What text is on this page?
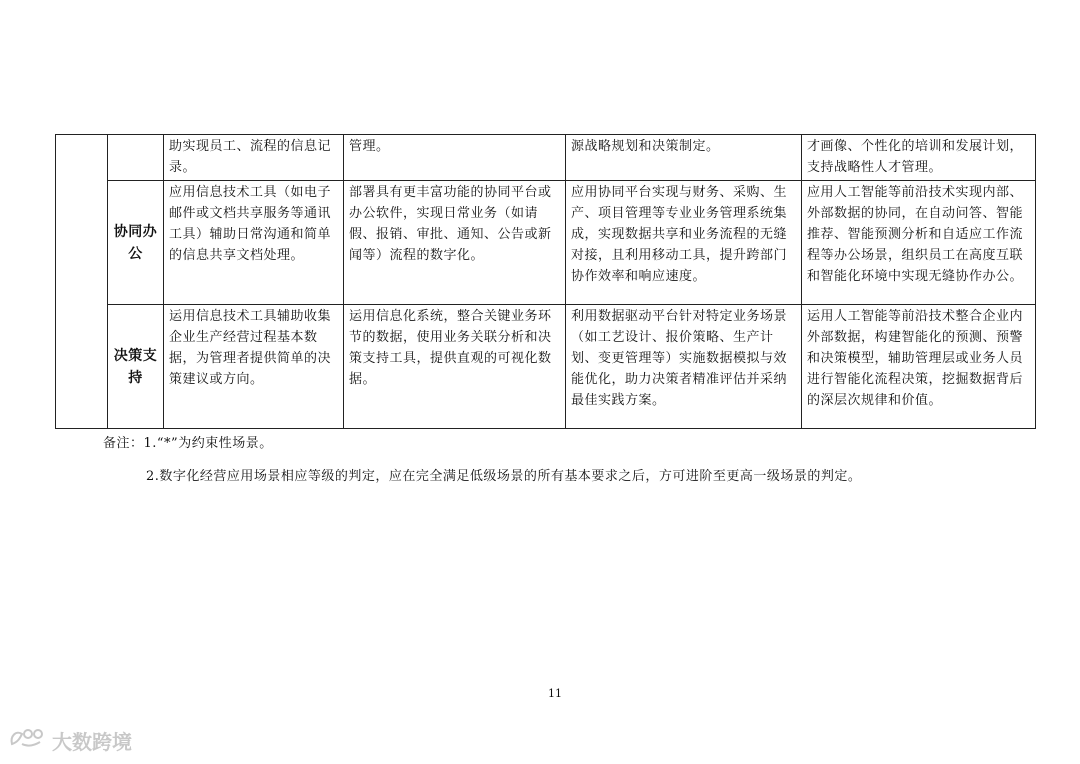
		助实现员工、流程的信息记录。	管理。	源战略规划和决策制定。	才画像、个性化的培训和发展计划，支持战略性人才管理。
	协同办公	应用信息技术工具（如电子邮件或文档共享服务等通讯工具）辅助日常沟通和简单的信息共享文档处理。	部署具有更丰富功能的协同平台或办公软件，实现日常业务（如请假、报销、审批、通知、公告或新闻等）流程的数字化。	应用协同平台实现与财务、采购、生产、项目管理等专业业务管理系统集成，实现数据共享和业务流程的无缝对接，且利用移动工具，提升跨部门协作效率和响应速度。	应用人工智能等前沿技术实现内部、外部数据的协同，在自动问答、智能推荐、智能预测分析和自适应工作流程等办公场景，组织员工在高度互联和智能化环境中实现无缝协作办公。
	决策支持	运用信息技术工具辅助收集企业生产经营过程基本数据，为管理者提供简单的决策建议或方向。	运用信息化系统，整合关键业务环节的数据，使用业务关联分析和决策支持工具，提供直观的可视化数据。	利用数据驱动平台针对特定业务场景（如工艺设计、报价策略、生产计划、变更管理等）实施数据模拟与效能优化，助力决策者精准评估并采纳最佳实践方案。	运用人工智能等前沿技术整合企业内外部数据，构建智能化的预测、预警和决策模型，辅助管理层或业务人员进行智能化流程决策，挖掘数据背后的深层次规律和价值。
备注：1.“*”为约束性场景。
2.数字化经营应用场景相应等级的判定，应在完全满足低级场景的所有基本要求之后，方可进阶至更高一级场景的判定。
11
大数跨境
